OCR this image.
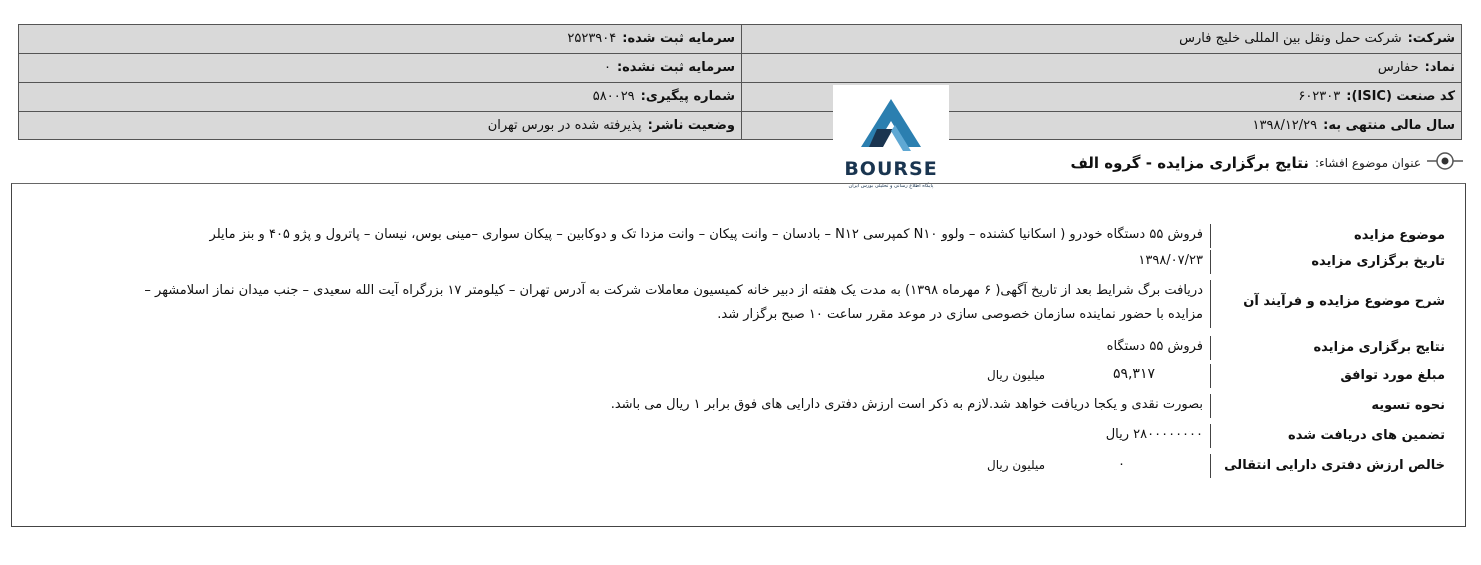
شرکت:شرکت حمل ونقل بین المللی خلیج فارس
سرمایه ثبت شده:۲۵۲۳۹۰۴
نماد:حفارس
سرمایه ثبت نشده:۰
کد صنعت (ISIC):۶۰۲۳۰۳
شماره پیگیری:۵۸۰۰۲۹
سال مالی منتهی به:۱۳۹۸/۱۲/۲۹
وضعیت ناشر:پذیرفته شده در بورس تهران
BOURSE
پایگاه اطلاع رسانی و تحلیلی بورس ایران
عنوان موضوع افشاء:
نتایج برگزاری مزایده - گروه الف
موضوع مزایده
فروش ۵۵ دستگاه خودرو ( اسکانیا کشنده – ولوو N۱۰ کمپرسی N۱۲ – بادسان – وانت پیکان – وانت مزدا تک و دوکابین – پیکان سواری –مینی بوس، نیسان – پاترول و پژو ۴۰۵ و بنز مایلر
تاریخ برگزاری مزایده
۱۳۹۸/۰۷/۲۳
شرح موضوع مزایده و فرآیند آن
دریافت برگ شرایط بعد از تاریخ آگهی( ۶ مهرماه ۱۳۹۸) به مدت یک هفته از دبیر خانه کمیسیون معاملات شرکت به آدرس تهران – کیلومتر ۱۷ بزرگراه آیت الله سعیدی – جنب میدان نماز اسلامشهر –
مزایده با حضور نماینده سازمان خصوصی سازی در موعد مقرر ساعت ۱۰ صبح برگزار شد.
نتایج برگزاری مزایده
فروش ۵۵ دستگاه
مبلغ مورد توافق
۵۹,۳۱۷
میلیون ریال
نحوه تسویه
بصورت نقدی و یکجا دریافت خواهد شد.لازم به ذکر است ارزش دفتری دارایی های فوق برابر ۱ ریال می باشد.
تضمین های دریافت شده
۲۸۰۰۰۰۰۰۰۰ ریال
خالص ارزش دفتری دارایی انتقالی
۰
میلیون ریال
